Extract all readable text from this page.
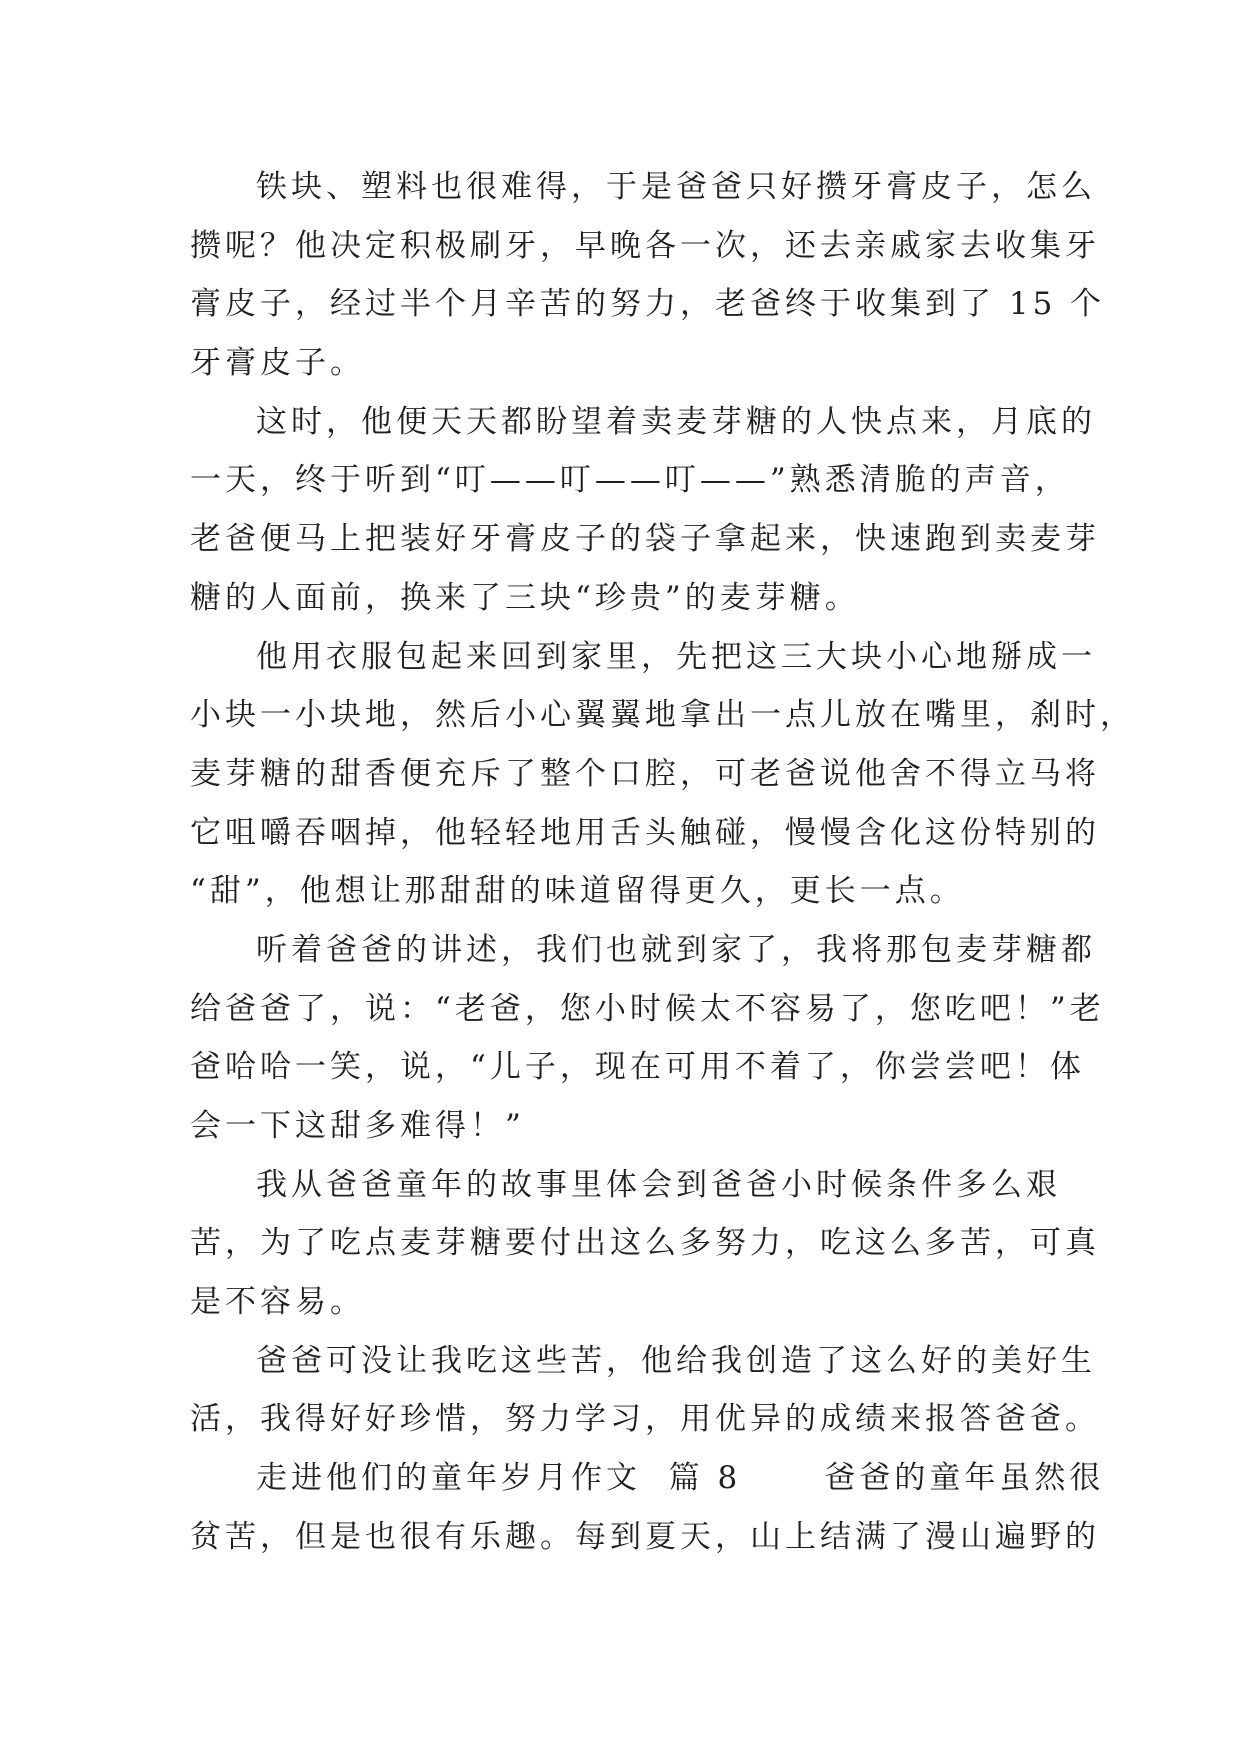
铁块、塑料也很难得，于是爸爸只好攒牙膏皮子，怎么
攒呢？他决定积极刷牙，早晚各一次，还去亲戚家去收集牙
膏皮子，经过半个月辛苦的努力，老爸终于收集到了 15 个
牙膏皮子。
这时，他便天天都盼望着卖麦芽糖的人快点来，月底的
一天，终于听到“叮——叮——叮——”熟悉清脆的声音，
老爸便马上把装好牙膏皮子的袋子拿起来，快速跑到卖麦芽
糖的人面前，换来了三块“珍贵”的麦芽糖。
他用衣服包起来回到家里，先把这三大块小心地掰成一
小块一小块地，然后小心翼翼地拿出一点儿放在嘴里，刹时，
麦芽糖的甜香便充斥了整个口腔，可老爸说他舍不得立马将
它咀嚼吞咽掉，他轻轻地用舌头触碰，慢慢含化这份特别的
“甜”，他想让那甜甜的味道留得更久，更长一点。
听着爸爸的讲述，我们也就到家了，我将那包麦芽糖都
给爸爸了，说：“老爸，您小时候太不容易了，您吃吧！”老
爸哈哈一笑，说，“儿子，现在可用不着了，你尝尝吧！体
会一下这甜多难得！”
我从爸爸童年的故事里体会到爸爸小时候条件多么艰
苦，为了吃点麦芽糖要付出这么多努力，吃这么多苦，可真
是不容易。
爸爸可没让我吃这些苦，他给我创造了这么好的美好生
活，我得好好珍惜，努力学习，用优异的成绩来报答爸爸。
走进他们的童年岁月作文  篇 8      爸爸的童年虽然很
贫苦，但是也很有乐趣。每到夏天，山上结满了漫山遍野的
